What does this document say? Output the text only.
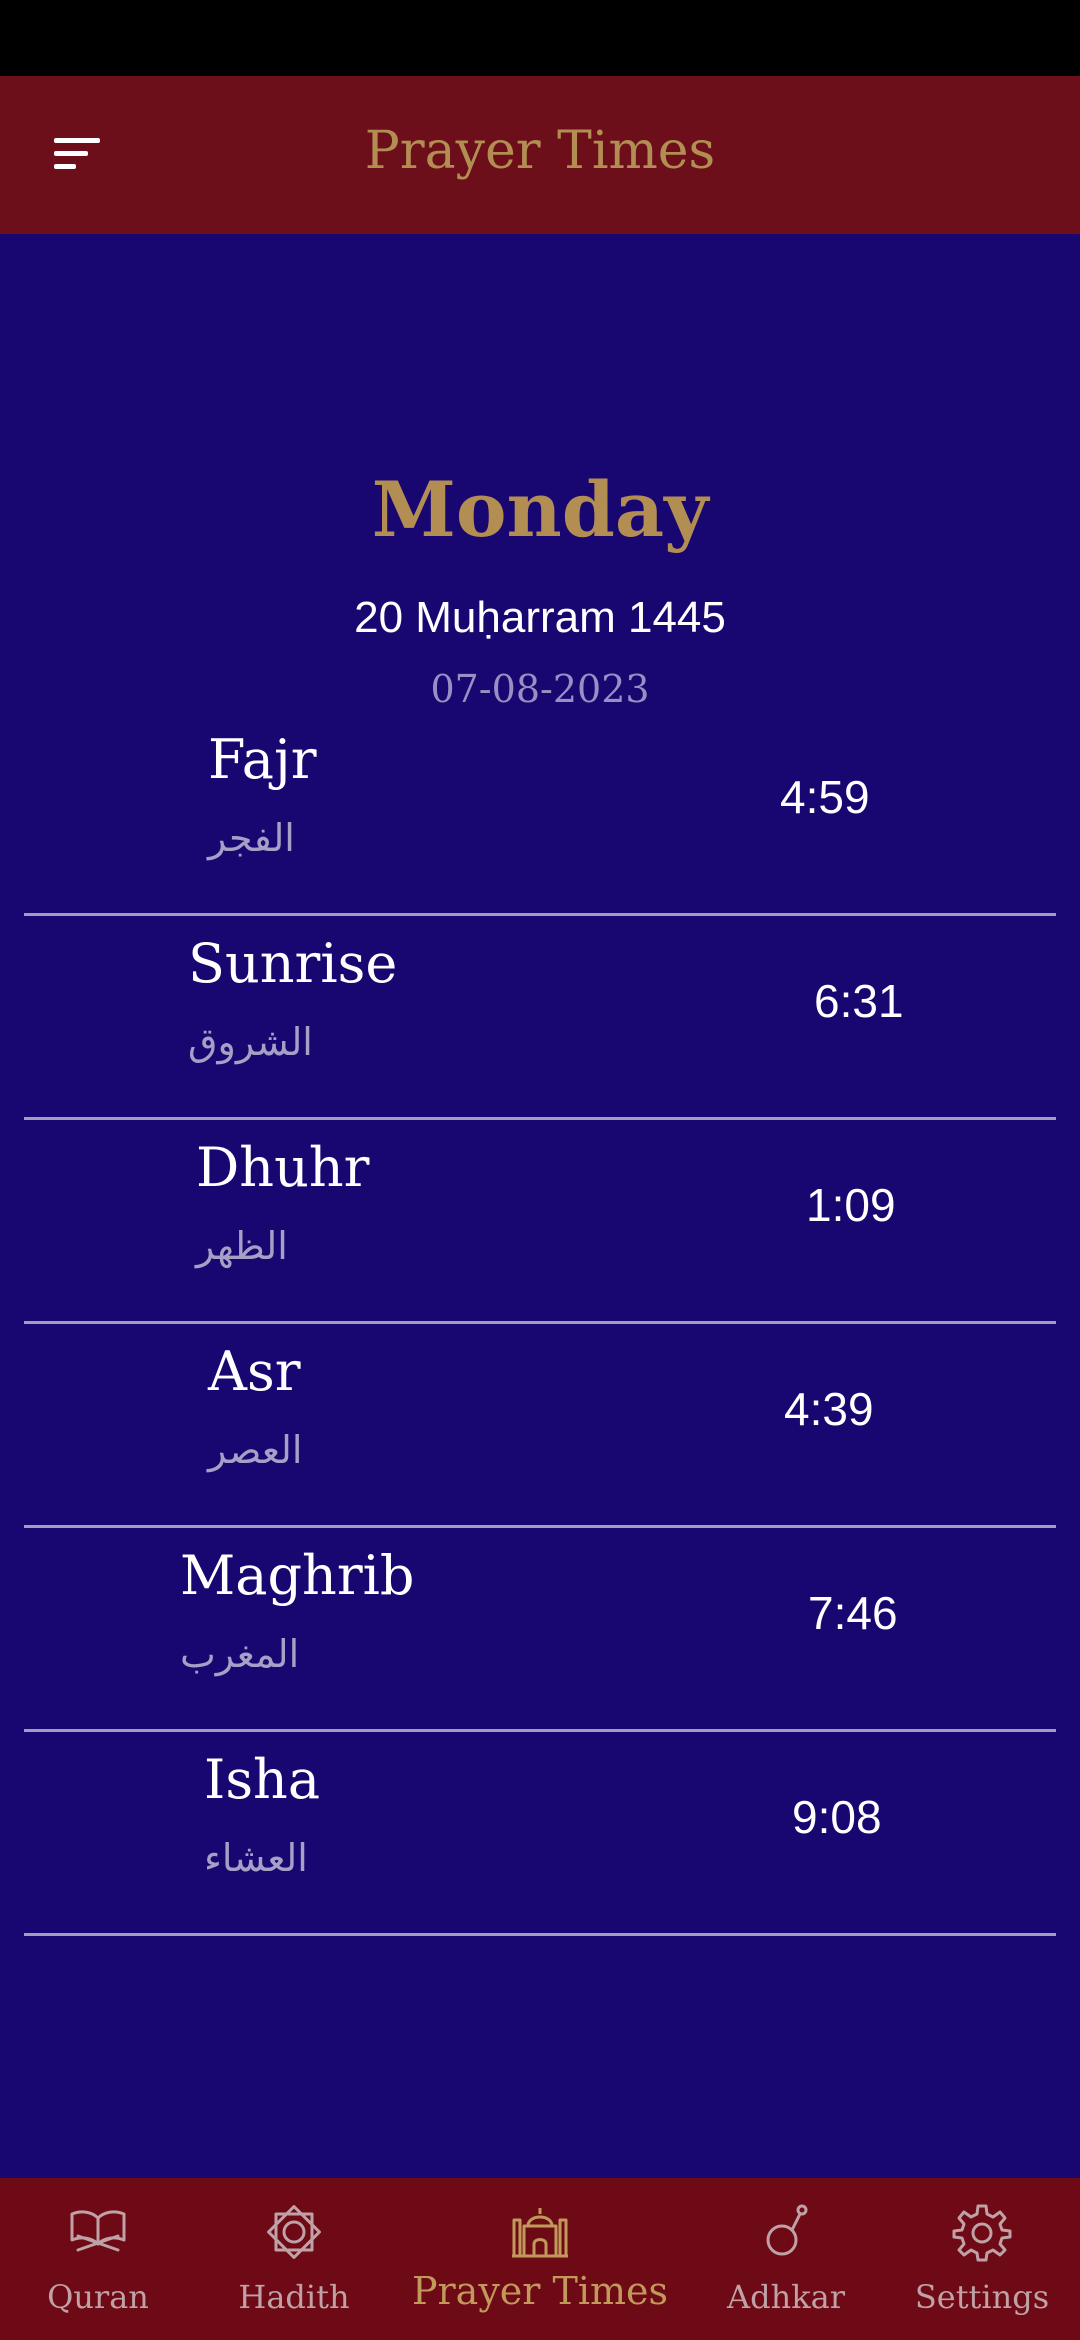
Prayer Times
Monday
20 Muḥarram 1445
07-08-2023
Fajr
الفجر
4:59
Sunrise
الشروق
6:31
Dhuhr
الظهر
1:09
Asr
العصر
4:39
Maghrib
المغرب
7:46
Isha
العشاء
9:08
Quran	Hadith	Prayer Times	Adhkar	Settings
